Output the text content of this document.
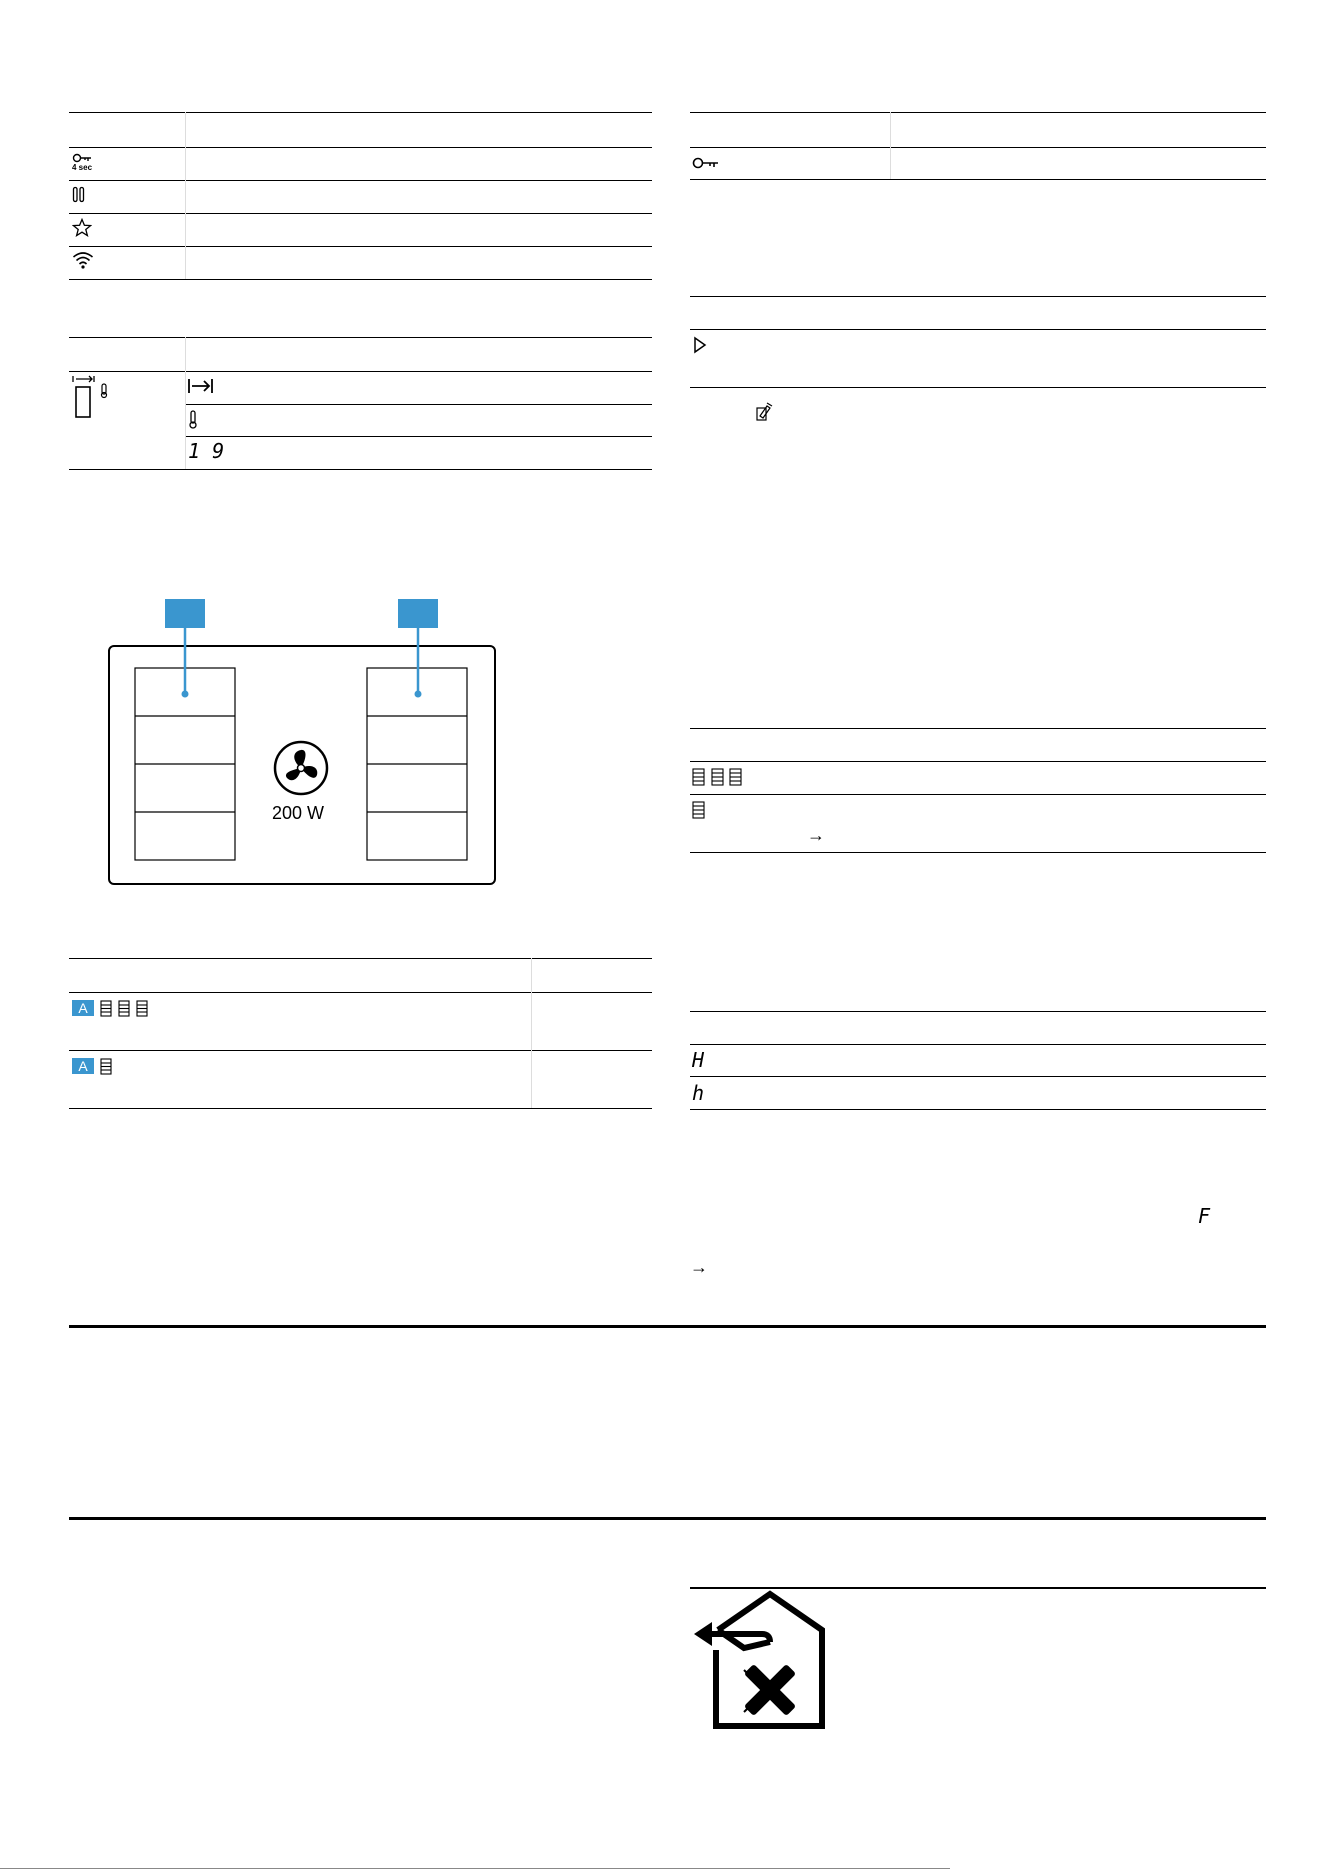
4 sec
1 9
200 W
A
A
→
H
h
F
→
